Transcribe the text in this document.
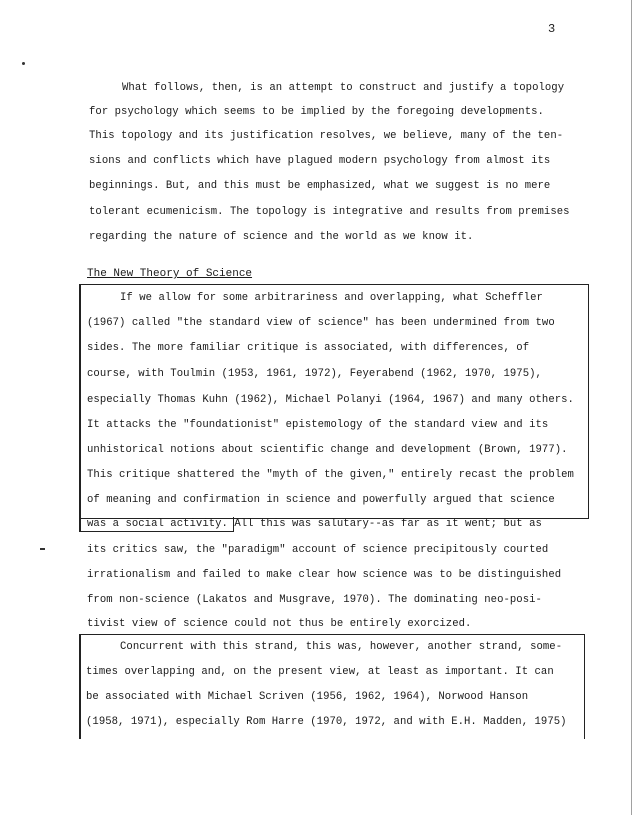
3
What follows, then, is an attempt to construct and justify a topology
for psychology which seems to be implied by the foregoing developments.
This topology and its justification resolves, we believe, many of the ten-
sions and conflicts which have plagued modern psychology from almost its
beginnings. But, and this must be emphasized, what we suggest is no mere
tolerant ecumenicism. The topology is integrative and results from premises
regarding the nature of science and the world as we know it.
The New Theory of Science
If we allow for some arbitrariness and overlapping, what Scheffler
(1967) called "the standard view of science" has been undermined from two
sides. The more familiar critique is associated, with differences, of
course, with Toulmin (1953, 1961, 1972), Feyerabend (1962, 1970, 1975),
especially Thomas Kuhn (1962), Michael Polanyi (1964, 1967) and many others.
It attacks the "foundationist" epistemology of the standard view and its
unhistorical notions about scientific change and development (Brown, 1977).
This critique shattered the "myth of the given," entirely recast the problem
of meaning and confirmation in science and powerfully argued that science
was a social activity. All this was salutary--as far as it went; but as
its critics saw, the "paradigm" account of science precipitously courted
irrationalism and failed to make clear how science was to be distinguished
from non-science (Lakatos and Musgrave, 1970). The dominating neo-posi-
tivist view of science could not thus be entirely exorcized.
Concurrent with this strand, this was, however, another strand, some-
times overlapping and, on the present view, at least as important. It can
be associated with Michael Scriven (1956, 1962, 1964), Norwood Hanson
(1958, 1971), especially Rom Harre (1970, 1972, and with E.H. Madden, 1975)
